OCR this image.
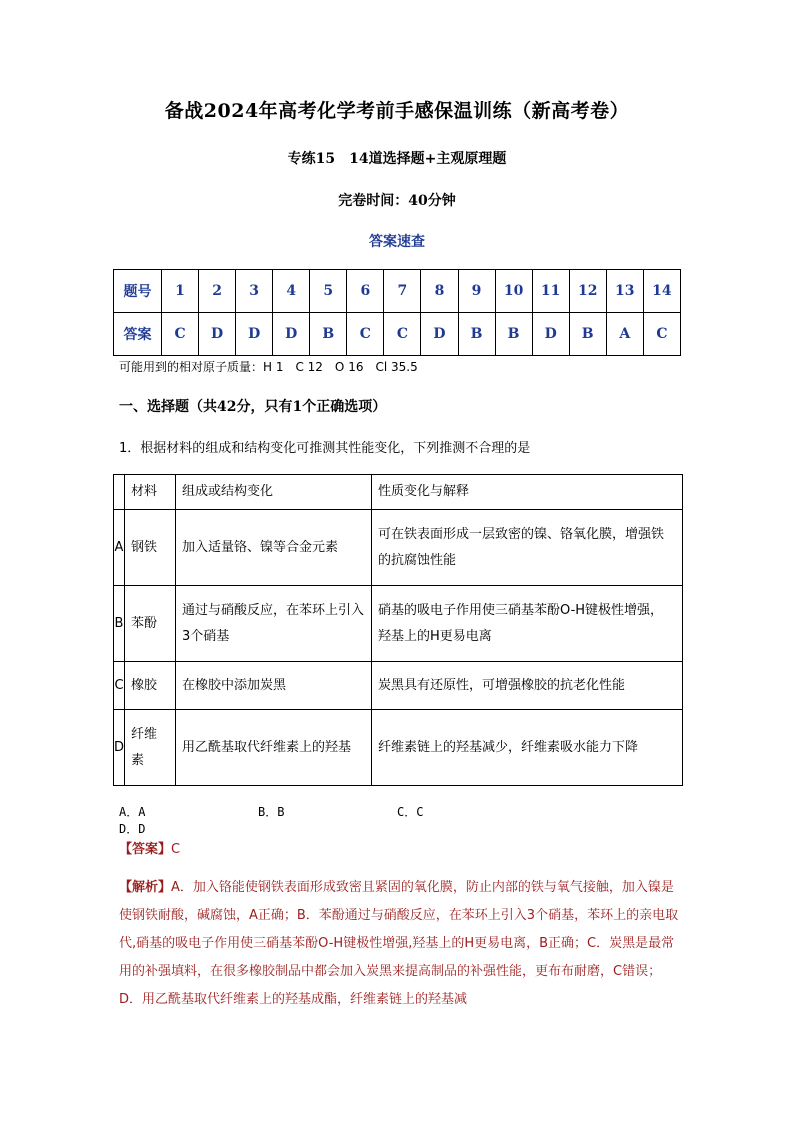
备战2024年高考化学考前手感保温训练（新高考卷）
专练15　14道选择题+主观原理题
完卷时间：40分钟
答案速查
题号	1	2	3	4	5	6	7	8	9	10	11	12	13	14
答案	C	D	D	D	B	C	C	D	B	B	D	B	A	C
可能用到的相对原子质量：H 1　C 12　O 16　Cl 35.5
一、选择题（共42分，只有1个正确选项）
1．根据材料的组成和结构变化可推测其性能变化，下列推测不合理的是
	材料	组成或结构变化	性质变化与解释
A	钢铁	加入适量铬、镍等合金元素	可在铁表面形成一层致密的镍、铬氧化膜，增强铁的抗腐蚀性能
B	苯酚	通过与硝酸反应，在苯环上引入3个硝基	硝基的吸电子作用使三硝基苯酚O-H键极性增强，羟基上的H更易电离
C	橡胶	在橡胶中添加炭黑	炭黑具有还原性，可增强橡胶的抗老化性能
D	纤维素	用乙酰基取代纤维素上的羟基	纤维素链上的羟基减少，纤维素吸水能力下降
A．A	B．B	C．CD．D
【答案】C
【解析】A．加入铬能使钢铁表面形成致密且紧固的氧化膜，防止内部的铁与氧气接触，加入镍是使钢铁耐酸，碱腐蚀，A正确；B．苯酚通过与硝酸反应，在苯环上引入3个硝基，苯环上的亲电取代,硝基的吸电子作用使三硝基苯酚O-H键极性增强,羟基上的H更易电离，B正确；C．炭黑是最常用的补强填料，在很多橡胶制品中都会加入炭黑来提高制品的补强性能，更布布耐磨，C错误；D．用乙酰基取代纤维素上的羟基成酯，纤维素链上的羟基减
